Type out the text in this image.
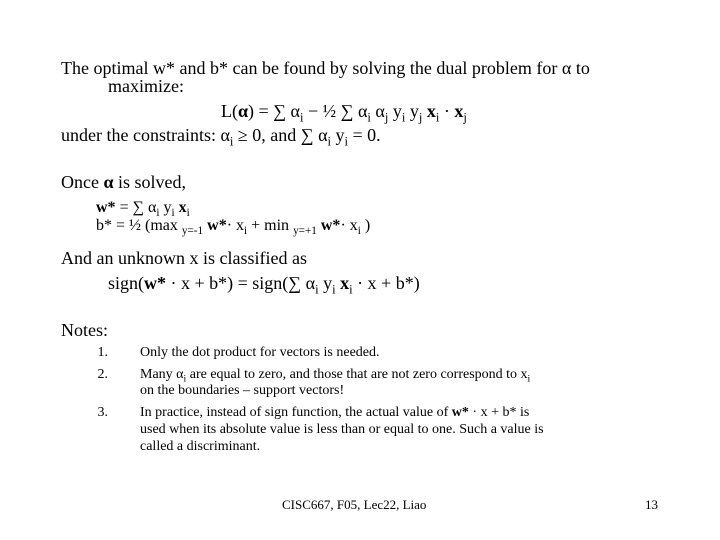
The optimal w* and b* can be found by solving the dual problem for α to
maximize:
L(α) = ∑ $\alpha_i$ − ½ ∑ $\alpha_i$ $\alpha_j$ $y_i$ $y_j$ $x_i \cdot x_j$
under the constraints: $\alpha_i \ge 0$, and ∑ $\alpha_i$ $y_i = 0$.
Once α is solved,
w* = ∑ $\alpha_i$ $y_i$ $x_i$
b* = ½ (max $_{y=-1}$ $w*\cdot x_i + \min _{y=+1}$ $w*\cdot x_i$ )
And an unknown x is classified as
sign(w* · x + b*) = sign(∑ $\alpha_i$ $y_i$ $x_i \cdot x + b*$)
Notes:
1. Only the dot product for vectors is needed.
2. Many $\alpha_i$ are equal to zero, and those that are not zero correspond to $x_i$
on the boundaries – support vectors!
3. In practice, instead of sign function, the actual value of w* · x + b* is
used when its absolute value is less than or equal to one. Such a value is
called a discriminant.
CISC667, F05, Lec22, Liao	13
